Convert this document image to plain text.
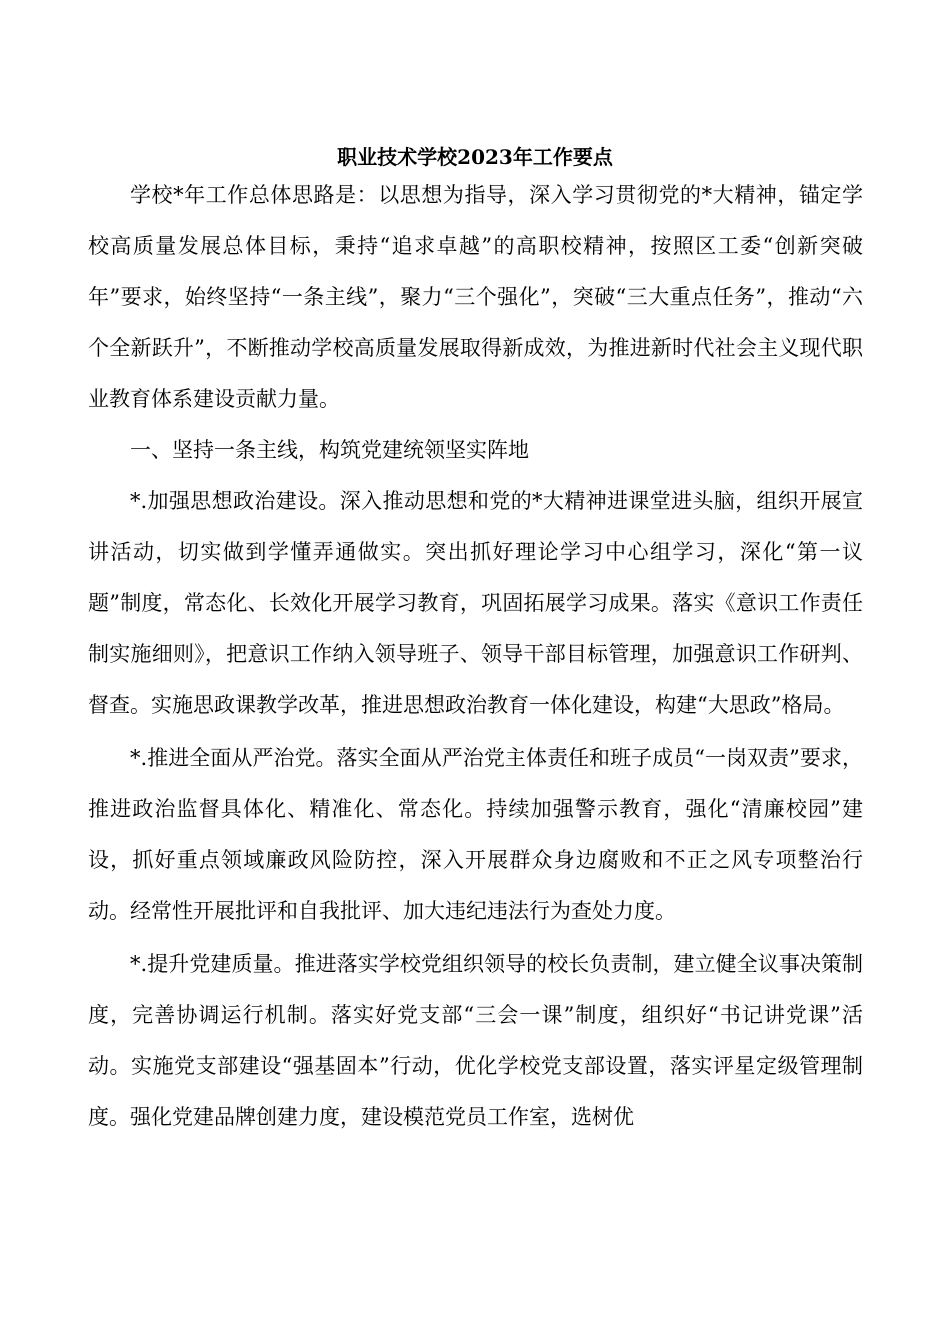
职业技术学校2023年工作要点

学校*年工作总体思路是：以思想为指导，深入学习贯彻党的*大精神，锚定学校高质量发展总体目标，秉持“追求卓越”的高职校精神，按照区工委“创新突破年”要求，始终坚持“一条主线”，聚力“三个强化”，突破“三大重点任务”，推动“六个全新跃升”，不断推动学校高质量发展取得新成效，为推进新时代社会主义现代职业教育体系建设贡献力量。

一、坚持一条主线，构筑党建统领坚实阵地

*.加强思想政治建设。深入推动思想和党的*大精神进课堂进头脑，组织开展宣讲活动，切实做到学懂弄通做实。突出抓好理论学习中心组学习，深化“第一议题”制度，常态化、长效化开展学习教育，巩固拓展学习成果。落实《意识工作责任制实施细则》，把意识工作纳入领导班子、领导干部目标管理，加强意识工作研判、督查。实施思政课教学改革，推进思想政治教育一体化建设，构建“大思政”格局。

*.推进全面从严治党。落实全面从严治党主体责任和班子成员“一岗双责”要求，推进政治监督具体化、精准化、常态化。持续加强警示教育，强化“清廉校园”建设，抓好重点领域廉政风险防控，深入开展群众身边腐败和不正之风专项整治行动。经常性开展批评和自我批评、加大违纪违法行为查处力度。

*.提升党建质量。推进落实学校党组织领导的校长负责制，建立健全议事决策制度，完善协调运行机制。落实好党支部“三会一课”制度，组织好“书记讲党课”活动。实施党支部建设“强基固本”行动，优化学校党支部设置，落实评星定级管理制度。强化党建品牌创建力度，建设模范党员工作室，选树优
